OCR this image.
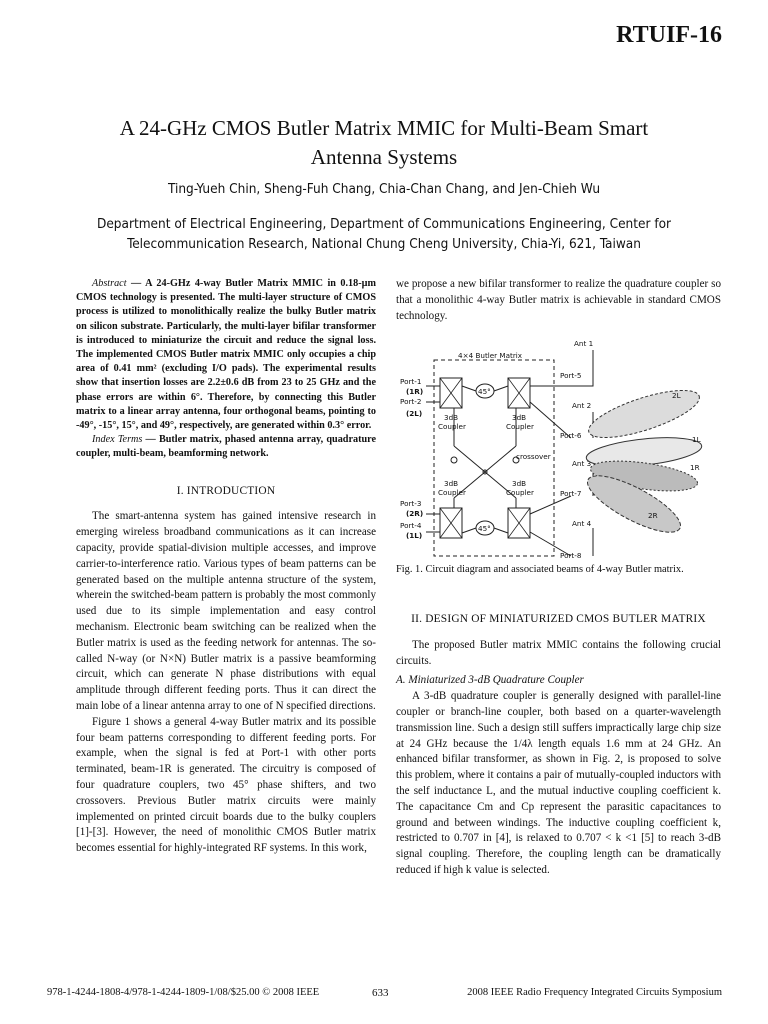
RTUIF-16
A 24-GHz CMOS Butler Matrix MMIC for Multi-Beam Smart
Antenna Systems
Ting-Yueh Chin, Sheng-Fuh Chang, Chia-Chan Chang, and Jen-Chieh Wu
Department of Electrical Engineering, Department of Communications Engineering, Center for
Telecommunication Research, National Chung Cheng University, Chia-Yi, 621, Taiwan

Abstract — A 24-GHz 4-way Butler Matrix MMIC in 0.18-µm CMOS technology is presented. The multi-layer structure of CMOS process is utilized to monolithically realize the bulky Butler matrix on silicon substrate. Particularly, the multi-layer bifilar transformer is introduced to miniaturize the circuit and reduce the signal loss. The implemented CMOS Butler matrix MMIC only occupies a chip area of 0.41 mm² (excluding I/O pads). The experimental results show that insertion losses are 2.2±0.6 dB from 23 to 25 GHz and the phase errors are within 6°. Therefore, by connecting this Butler matrix to a linear array antenna, four orthogonal beams, pointing to -49°, -15°, 15°, and 49°, respectively, are generated within 0.3° error.

Index Terms — Butler matrix, phased antenna array, quadrature coupler, multi-beam, beamforming network.

I. INTRODUCTION

The smart-antenna system has gained intensive research in emerging wireless broadband communications as it can increase capacity, provide spatial-division multiple accesses, and improve carrier-to-interference ratio. Various types of beam patterns can be generated based on the multiple antenna structure of the system, wherein the switched-beam pattern is probably the most commonly used due to its simple implementation and easy control mechanism. Electronic beam switching can be realized when the Butler matrix is used as the feeding network for antennas. The so-called N-way (or N×N) Butler matrix is a passive beamforming circuit, which can generate N phase distributions with equal amplitude through different feeding ports. Thus it can direct the main lobe of a linear antenna array to one of N specified directions.

Figure 1 shows a general 4-way Butler matrix and its possible four beam patterns corresponding to different feeding ports. For example, when the signal is fed at Port-1 with other ports terminated, beam-1R is generated. The circuitry is composed of four quadrature couplers, two 45° phase shifters, and two crossovers. Previous Butler matrix circuits were mainly implemented on printed circuit boards due to the bulky couplers [1]-[3]. However, the need of monolithic CMOS Butler matrix becomes essential for highly-integrated RF systems. In this work,

we propose a new bifilar transformer to realize the quadrature coupler so that a monolithic 4-way Butler matrix is achievable in standard CMOS technology.

4×4 Butler Matrix
45°
45°
3dB
Coupler
3dB
Coupler
3dB
Coupler
3dB
Coupler
crossover
Port-1
(1R)
Port-2
(2L)
Port-3
(2R)
Port-4
(1L)
Port-5
Port-6
Port-7
Port-8
Ant 1
Ant 2
Ant 3
Ant 4
2L
1L
1R
2R
Fig. 1. Circuit diagram and associated beams of 4-way Butler matrix.

II. DESIGN OF MINIATURIZED CMOS BUTLER MATRIX

The proposed Butler matrix MMIC contains the following crucial circuits.

A. Miniaturized 3-dB Quadrature Coupler

A 3-dB quadrature coupler is generally designed with parallel-line coupler or branch-line coupler, both based on a quarter-wavelength transmission line. Such a design still suffers impractically large chip size at 24 GHz because the 1/4λ length equals 1.6 mm at 24 GHz. An enhanced bifilar transformer, as shown in Fig. 2, is proposed to solve this problem, where it contains a pair of mutually-coupled inductors with the self inductance L, and the mutual inductive coupling coefficient k. The capacitance Cm and Cp represent the parasitic capacitances to ground and between windings. The inductive coupling coefficient k, restricted to 0.707 in [4], is relaxed to 0.707 < k <1 [5] to reach 3-dB signal coupling. Therefore, the coupling length can be dramatically reduced if high k value is selected.

978-1-4244-1808-4/978-1-4244-1809-1/08/$25.00 © 2008 IEEE	633	2008 IEEE Radio Frequency Integrated Circuits Symposium
